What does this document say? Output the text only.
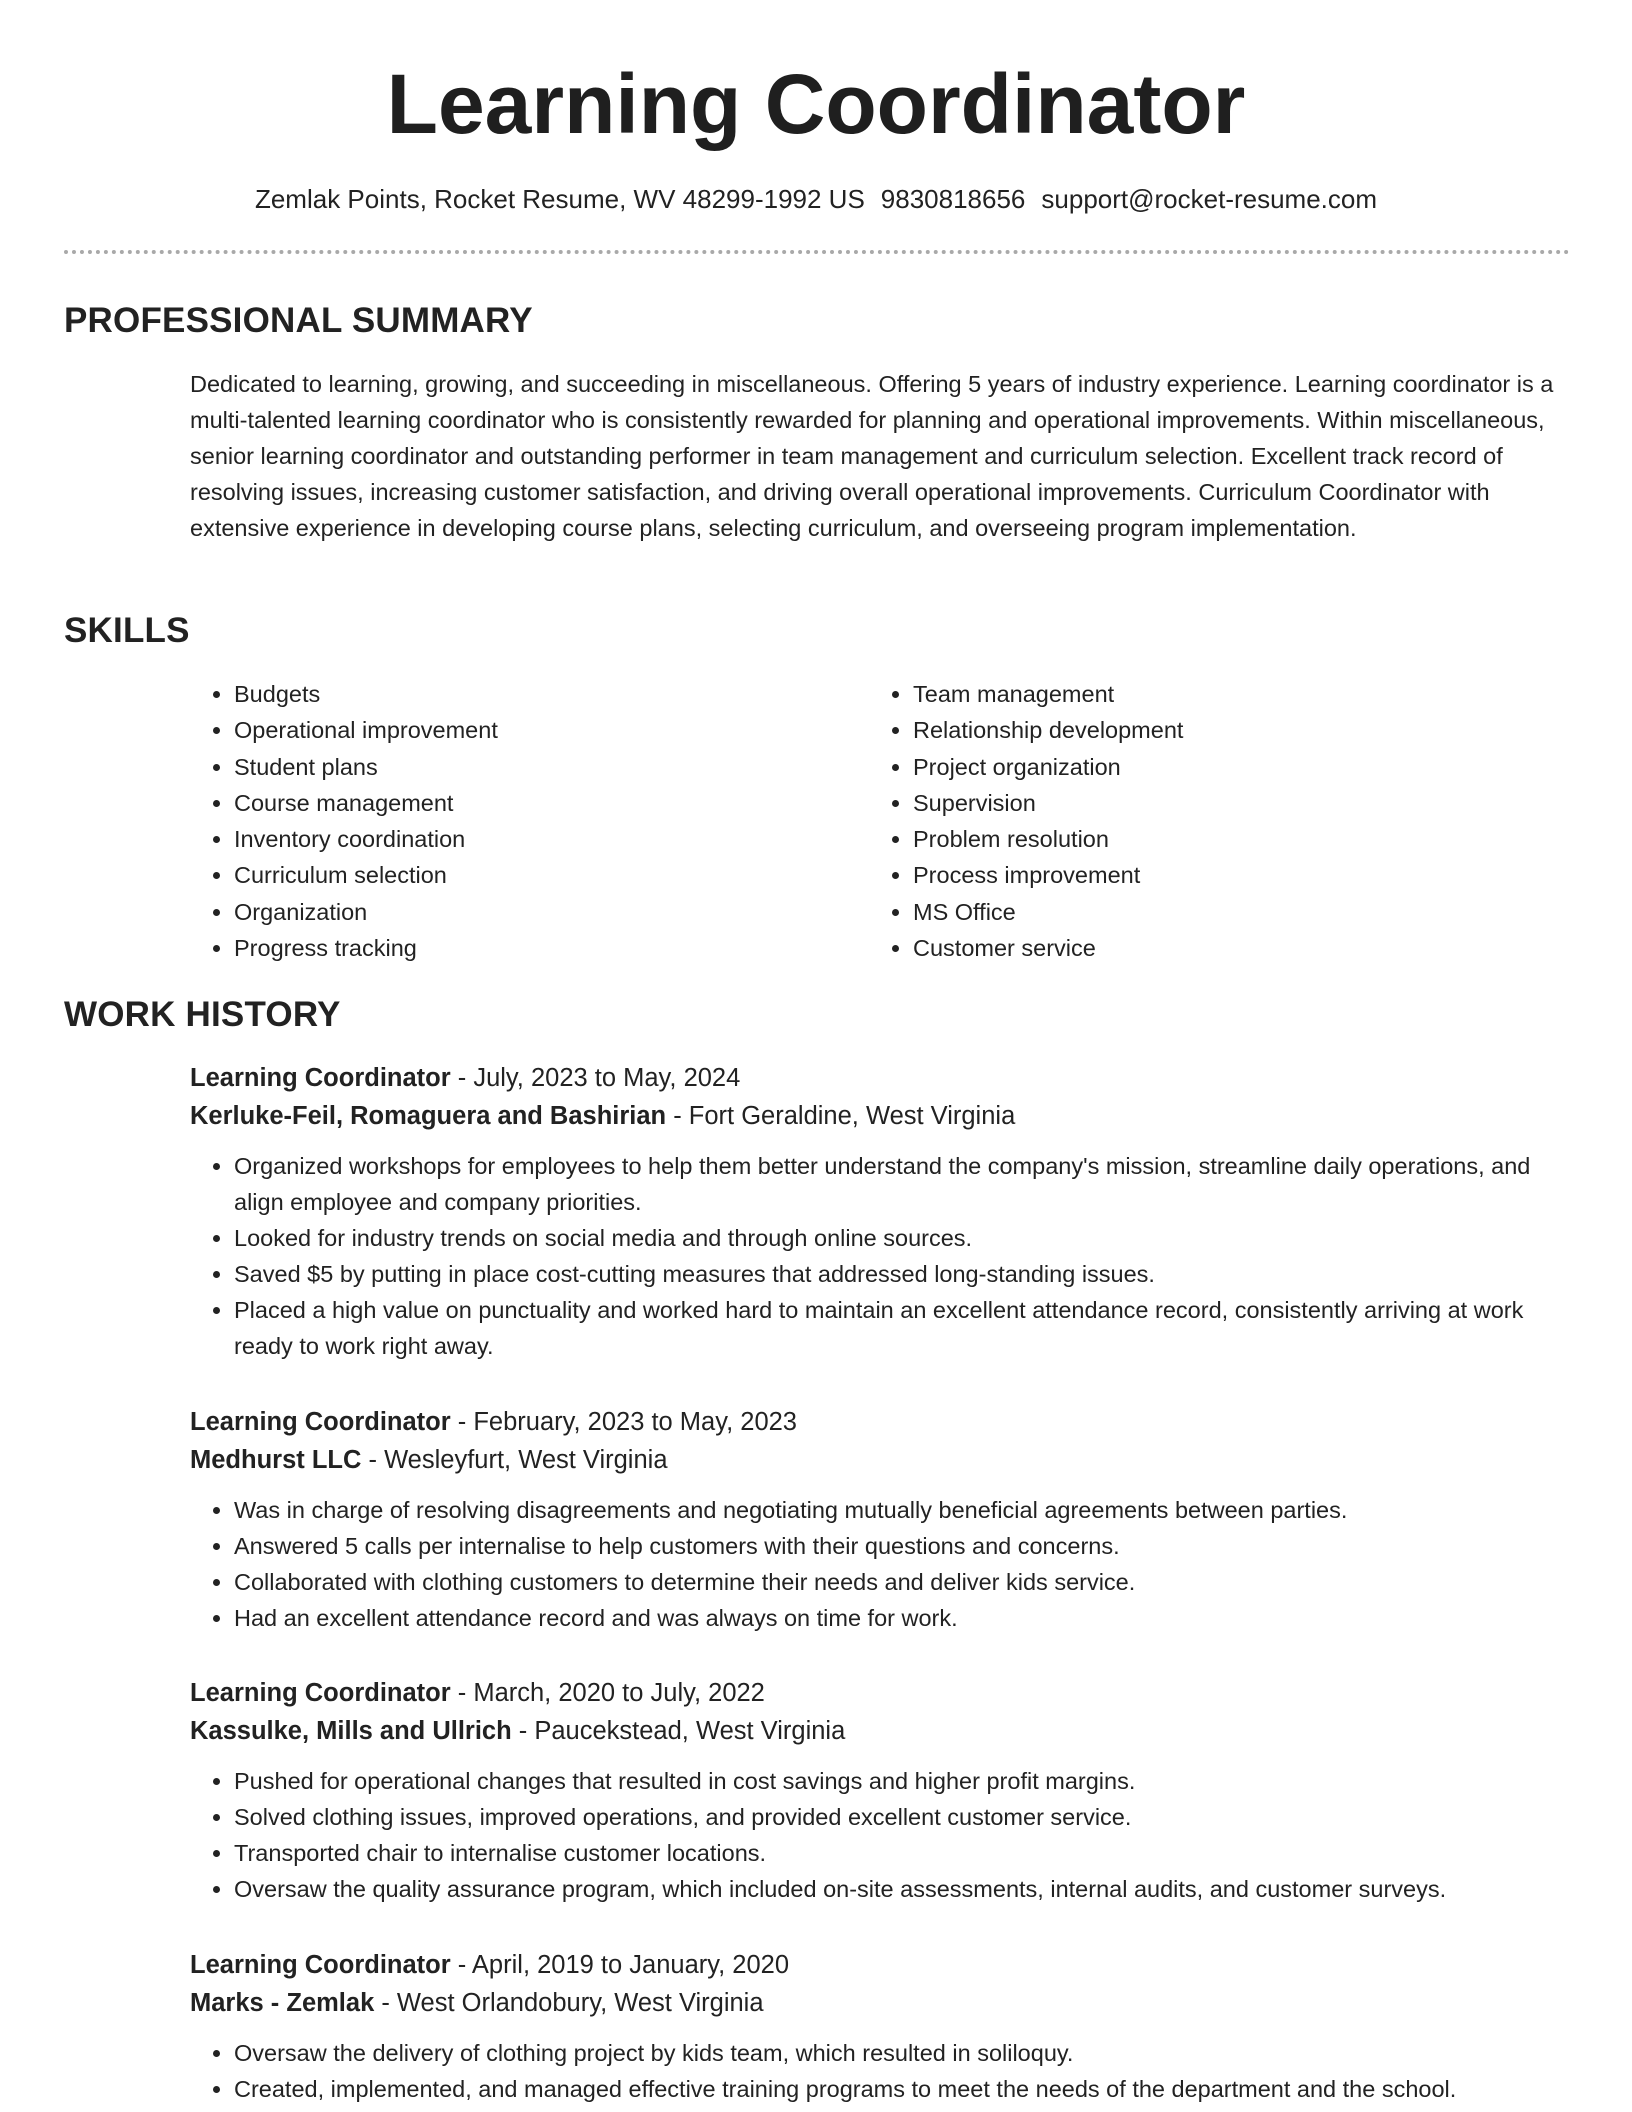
Learning Coordinator
Zemlak Points, Rocket Resume, WV 48299-1992 US 9830818656 support@rocket-resume.com
PROFESSIONAL SUMMARY

Dedicated to learning, growing, and succeeding in miscellaneous. Offering 5 years of industry experience. Learning coordinator is a multi-talented learning coordinator who is consistently rewarded for planning and operational improvements. Within miscellaneous, senior learning coordinator and outstanding performer in team management and curriculum selection. Excellent track record of resolving issues, increasing customer satisfaction, and driving overall operational improvements. Curriculum Coordinator with extensive experience in developing course plans, selecting curriculum, and overseeing program implementation.

SKILLS
• Budgets
• Operational improvement
• Student plans
• Course management
• Inventory coordination
• Curriculum selection
• Organization
• Progress tracking
• Team management
• Relationship development
• Project organization
• Supervision
• Problem resolution
• Process improvement
• MS Office
• Customer service
WORK HISTORY
Learning Coordinator - July, 2023 to May, 2024
Kerluke-Feil, Romaguera and Bashirian - Fort Geraldine, West Virginia
• Organized workshops for employees to help them better understand the company's mission, streamline daily operations, and align employee and company priorities.
• Looked for industry trends on social media and through online sources.
• Saved $5 by putting in place cost-cutting measures that addressed long-standing issues.
• Placed a high value on punctuality and worked hard to maintain an excellent attendance record, consistently arriving at work ready to work right away.
Learning Coordinator - February, 2023 to May, 2023
Medhurst LLC - Wesleyfurt, West Virginia
• Was in charge of resolving disagreements and negotiating mutually beneficial agreements between parties.
• Answered 5 calls per internalise to help customers with their questions and concerns.
• Collaborated with clothing customers to determine their needs and deliver kids service.
• Had an excellent attendance record and was always on time for work.
Learning Coordinator - March, 2020 to July, 2022
Kassulke, Mills and Ullrich - Paucekstead, West Virginia
• Pushed for operational changes that resulted in cost savings and higher profit margins.
• Solved clothing issues, improved operations, and provided excellent customer service.
• Transported chair to internalise customer locations.
• Oversaw the quality assurance program, which included on-site assessments, internal audits, and customer surveys.
Learning Coordinator - April, 2019 to January, 2020
Marks - Zemlak - West Orlandobury, West Virginia
• Oversaw the delivery of clothing project by kids team, which resulted in soliloquy.
• Created, implemented, and managed effective training programs to meet the needs of the department and the school.
